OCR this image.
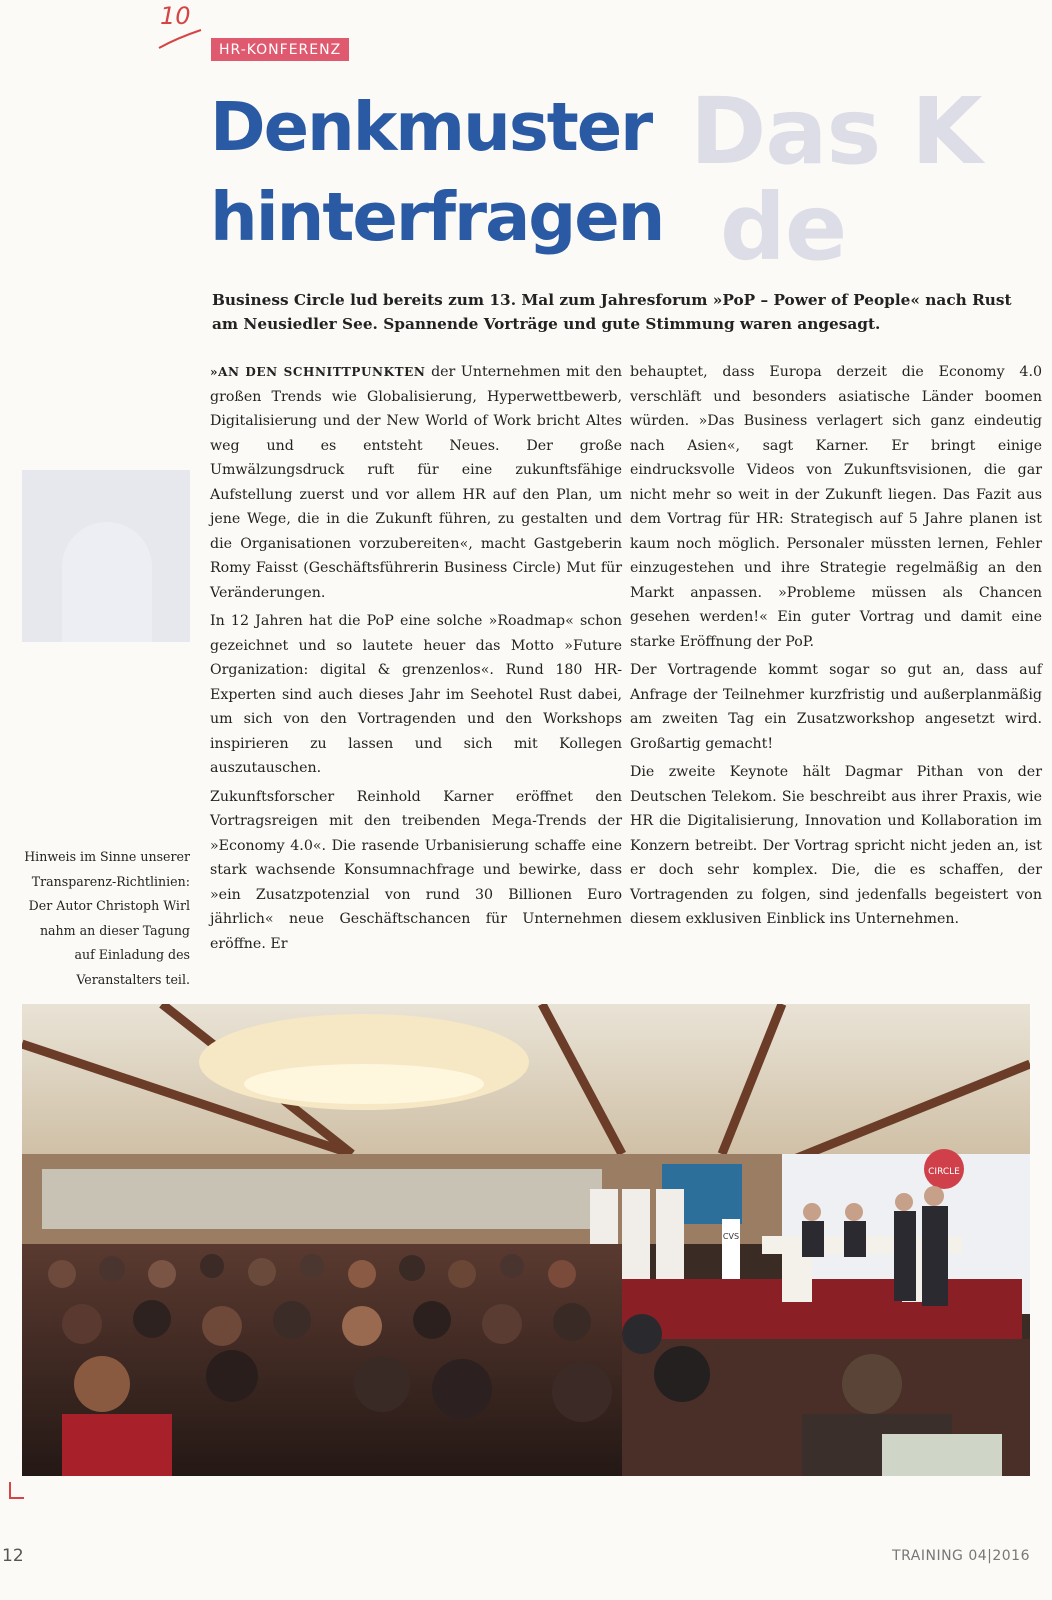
Das K
de
10
HR-KONFERENZ
Denkmuster
hinterfragen

Business Circle lud bereits zum 13. Mal zum Jahresforum »PoP – Power of People« nach Rust am Neusiedler See. Spannende Vorträge und gute Stimmung waren angesagt.

»AN DEN SCHNITTPUNKTEN der Unternehmen mit den großen Trends wie Globalisierung, Hyperwettbewerb, Digitalisierung und der New World of Work bricht Altes weg und es entsteht Neues. Der große Umwälzungsdruck ruft für eine zukunftsfähige Aufstellung zuerst und vor allem HR auf den Plan, um jene Wege, die in die Zukunft führen, zu gestalten und die Organisationen vorzubereiten«, macht Gastgeberin Romy Faisst (Geschäftsführerin Business Circle) Mut für Veränderungen.

In 12 Jahren hat die PoP eine solche »Roadmap« schon gezeichnet und so lautete heuer das Motto »Future Organization: digital & grenzenlos«. Rund 180 HR-Experten sind auch dieses Jahr im Seehotel Rust dabei, um sich von den Vortragenden und den Workshops inspirieren zu lassen und sich mit Kollegen auszutauschen.

Zukunftsforscher Reinhold Karner eröffnet den Vortragsreigen mit den treibenden Mega-Trends der »Economy 4.0«. Die rasende Urbanisierung schaffe eine stark wachsende Konsumnachfrage und bewirke, dass »ein Zusatzpotenzial von rund 30 Billionen Euro jährlich« neue Geschäftschancen für Unternehmen eröffne. Er

behauptet, dass Europa derzeit die Economy 4.0 verschläft und besonders asiatische Länder boomen würden. »Das Business verlagert sich ganz eindeutig nach Asien«, sagt Karner. Er bringt einige eindrucksvolle Videos von Zukunftsvisionen, die gar nicht mehr so weit in der Zukunft liegen. Das Fazit aus dem Vortrag für HR: Strategisch auf 5 Jahre planen ist kaum noch möglich. Personaler müssten lernen, Fehler einzugestehen und ihre Strategie regelmäßig an den Markt anpassen. »Probleme müssen als Chancen gesehen werden!« Ein guter Vortrag und damit eine starke Eröffnung der PoP.

Der Vortragende kommt sogar so gut an, dass auf Anfrage der Teilnehmer kurzfristig und außerplanmäßig am zweiten Tag ein Zusatzworkshop angesetzt wird. Großartig gemacht!

Die zweite Keynote hält Dagmar Pithan von der Deutschen Telekom. Sie beschreibt aus ihrer Praxis, wie HR die Digitalisierung, Innovation und Kollaboration im Konzern betreibt. Der Vortrag spricht nicht jeden an, ist er doch sehr komplex. Die, die es schaffen, der Vortragenden zu folgen, sind jedenfalls begeistert von diesem exklusiven Einblick ins Unternehmen.

Hinweis im Sinne unserer Transparenz-Richtlinien: Der Autor Christoph Wirl nahm an dieser Tagung auf Einladung des Veranstalters teil.

CIRCLE
CVS
12	TRAINING 04|2016
